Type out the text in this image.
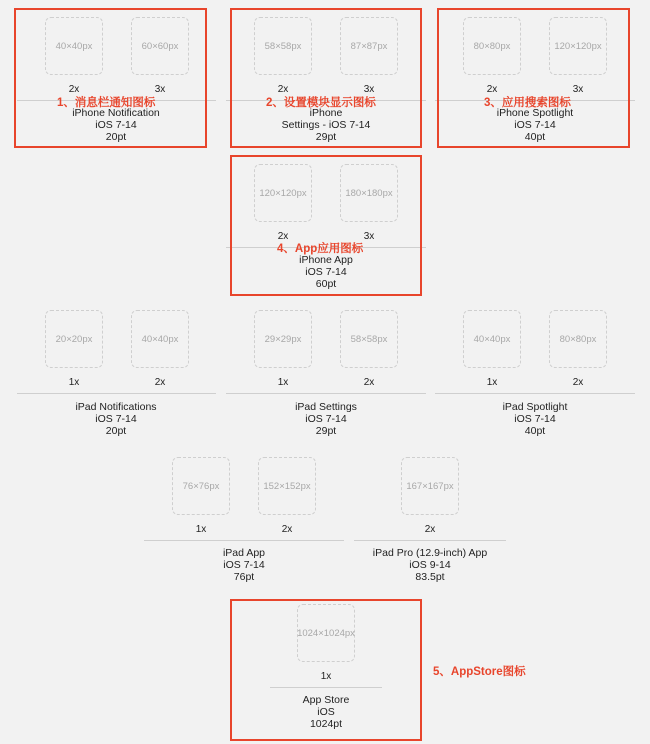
40×40px	60×60px
2x	3x
iPhone Notification
iOS 7-14
20pt
1、消息栏通知图标
58×58px	87×87px
2x	3x
iPhone
Settings - iOS 7-14
29pt
2、设置模块显示图标
80×80px	120×120px
2x	3x
iPhone Spotlight
iOS 7-14
40pt
3、应用搜索图标
120×120px	180×180px
2x	3x
iPhone App
iOS 7-14
60pt
4、App应用图标
20×20px	40×40px
1x	2x
iPad Notifications
iOS 7-14
20pt
29×29px	58×58px
1x	2x
iPad Settings
iOS 7-14
29pt
40×40px	80×80px
1x	2x
iPad Spotlight
iOS 7-14
40pt
76×76px	152×152px
1x	2x
iPad App
iOS 7-14
76pt
167×167px
2x
iPad Pro (12.9-inch) App
iOS 9-14
83.5pt
1024×1024px
1x
App Store
iOS
1024pt
5、AppStore图标
